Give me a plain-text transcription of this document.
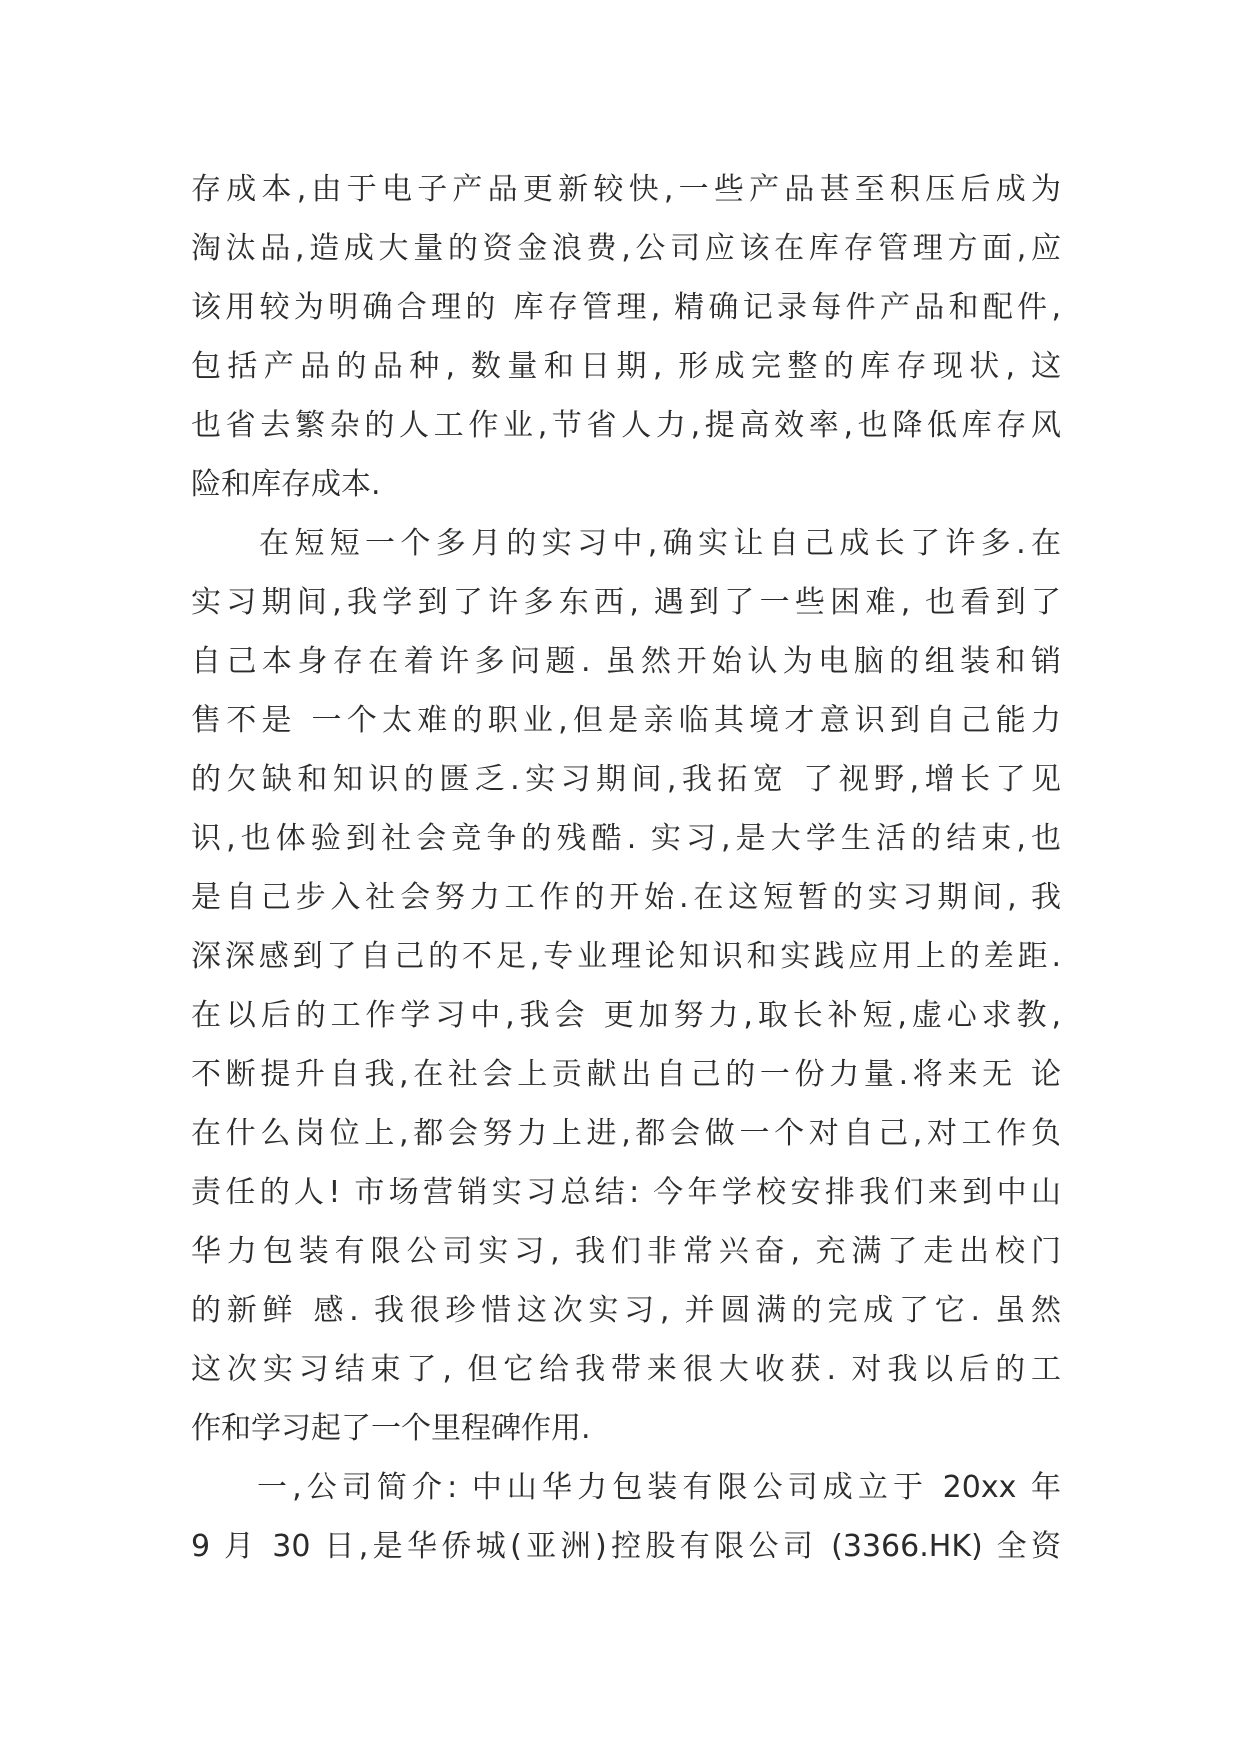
存成本,由于电子产品更新较快,一些产品甚至积压后成为
淘汰品,造成大量的资金浪费,公司应该在库存管理方面,应
该用较为明确合理的 库存管理, 精确记录每件产品和配件,
包括产品的品种, 数量和日期, 形成完整的库存现状, 这
也省去繁杂的人工作业,节省人力,提高效率,也降低库存风
险和库存成本.
在短短一个多月的实习中,确实让自己成长了许多.在
实习期间,我学到了许多东西, 遇到了一些困难, 也看到了
自己本身存在着许多问题. 虽然开始认为电脑的组装和销
售不是 一个太难的职业,但是亲临其境才意识到自己能力
的欠缺和知识的匮乏.实习期间,我拓宽 了视野,增长了见
识,也体验到社会竞争的残酷. 实习,是大学生活的结束,也
是自己步入社会努力工作的开始.在这短暂的实习期间, 我
深深感到了自己的不足,专业理论知识和实践应用上的差距.
在以后的工作学习中,我会 更加努力,取长补短,虚心求教,
不断提升自我,在社会上贡献出自己的一份力量.将来无 论
在什么岗位上,都会努力上进,都会做一个对自己,对工作负
责任的人! 市场营销实习总结: 今年学校安排我们来到中山
华力包装有限公司实习, 我们非常兴奋, 充满了走出校门
的新鲜 感. 我很珍惜这次实习, 并圆满的完成了它. 虽然
这次实习结束了, 但它给我带来很大收获. 对我以后的工
作和学习起了一个里程碑作用.
一,公司简介: 中山华力包装有限公司成立于 20xx 年
9 月 30 日,是华侨城(亚洲)控股有限公司 (3366.HK) 全资
